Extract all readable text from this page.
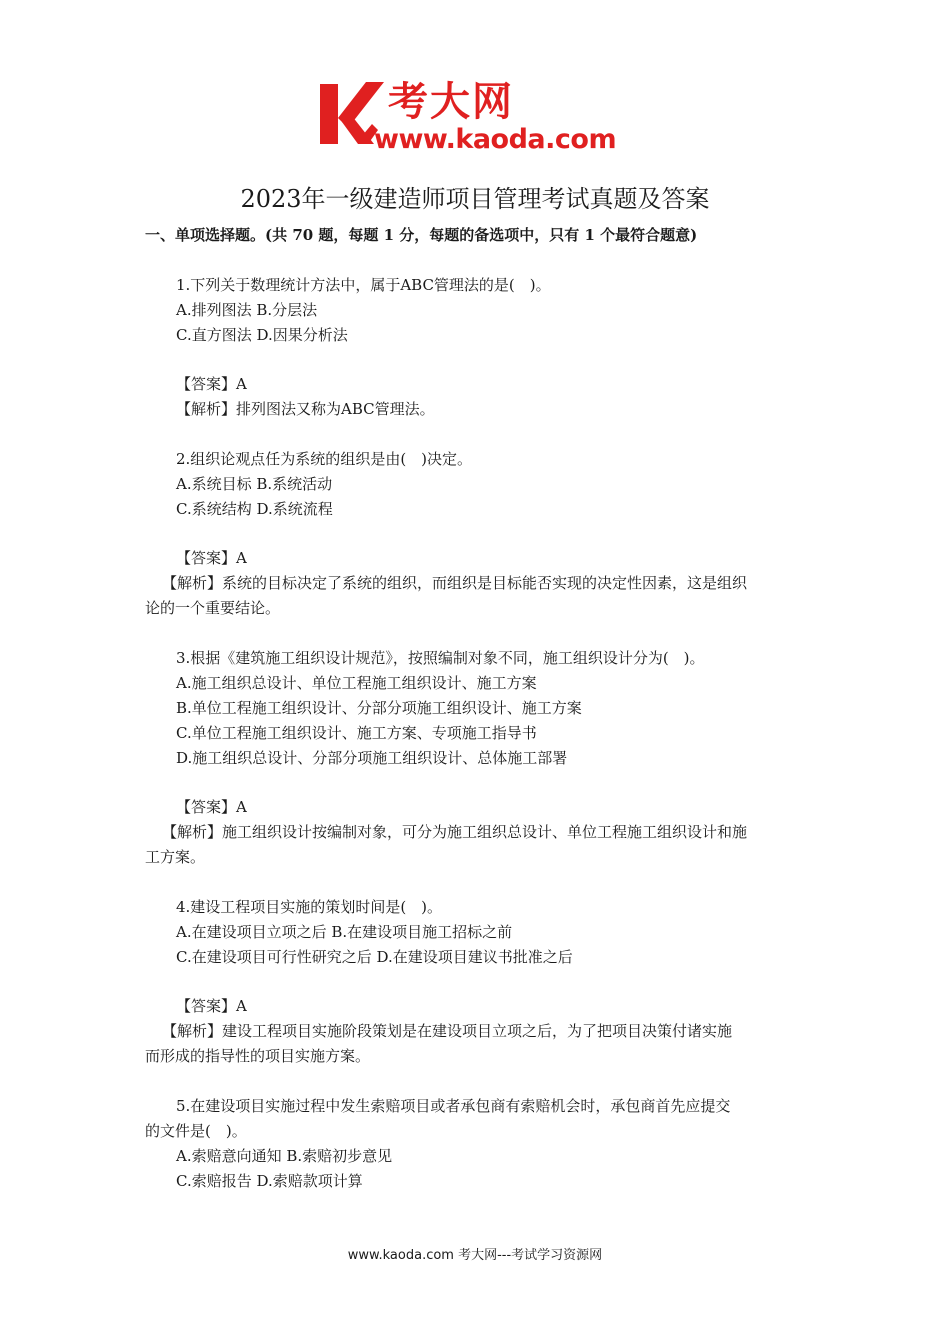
考大网
www.kaoda.com
2023年一级建造师项目管理考试真题及答案
一、单项选择题。(共 70 题，每题 1 分，每题的备选项中，只有 1 个最符合题意)
1.下列关于数理统计方法中，属于ABC管理法的是(　)。
A.排列图法 B.分层法
C.直方图法 D.因果分析法
【答案】A
【解析】排列图法又称为ABC管理法。
2.组织论观点任为系统的组织是由(　)决定。
A.系统目标 B.系统活动
C.系统结构 D.系统流程
【答案】A
【解析】系统的目标决定了系统的组织，而组织是目标能否实现的决定性因素，这是组织
论的一个重要结论。
3.根据《建筑施工组织设计规范》，按照编制对象不同，施工组织设计分为(　)。
A.施工组织总设计、单位工程施工组织设计、施工方案
B.单位工程施工组织设计、分部分项施工组织设计、施工方案
C.单位工程施工组织设计、施工方案、专项施工指导书
D.施工组织总设计、分部分项施工组织设计、总体施工部署
【答案】A
【解析】施工组织设计按编制对象，可分为施工组织总设计、单位工程施工组织设计和施
工方案。
4.建设工程项目实施的策划时间是(　)。
A.在建设项目立项之后 B.在建设项目施工招标之前
C.在建设项目可行性研究之后 D.在建设项目建议书批准之后
【答案】A
【解析】建设工程项目实施阶段策划是在建设项目立项之后，为了把项目决策付诸实施
而形成的指导性的项目实施方案。
5.在建设项目实施过程中发生索赔项目或者承包商有索赔机会时，承包商首先应提交
的文件是(　)。
A.索赔意向通知 B.索赔初步意见
C.索赔报告 D.索赔款项计算
www.kaoda.com 考大网---考试学习资源网
